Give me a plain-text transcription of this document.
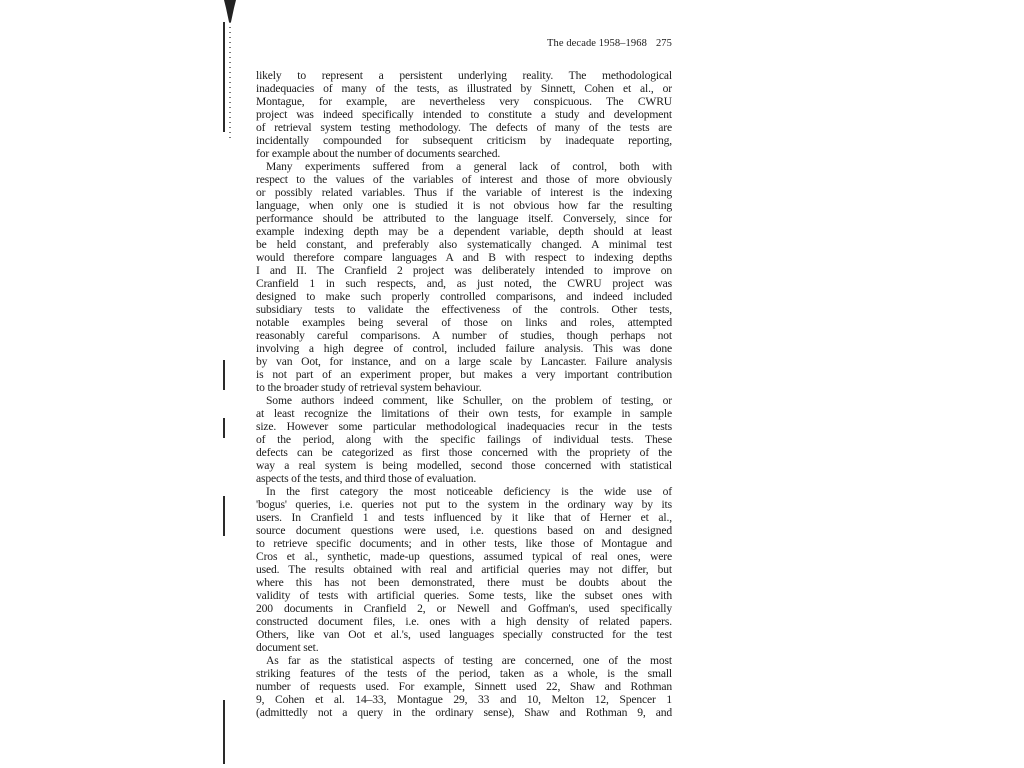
The decade 1958–1968 275
likely to represent a persistent underlying reality. The methodological
inadequacies of many of the tests, as illustrated by Sinnett, Cohen et al., or
Montague, for example, are nevertheless very conspicuous. The CWRU
project was indeed specifically intended to constitute a study and development
of retrieval system testing methodology. The defects of many of the tests are
incidentally compounded for subsequent criticism by inadequate reporting,
for example about the number of documents searched.
Many experiments suffered from a general lack of control, both with
respect to the values of the variables of interest and those of more obviously
or possibly related variables. Thus if the variable of interest is the indexing
language, when only one is studied it is not obvious how far the resulting
performance should be attributed to the language itself. Conversely, since for
example indexing depth may be a dependent variable, depth should at least
be held constant, and preferably also systematically changed. A minimal test
would therefore compare languages A and B with respect to indexing depths
I and II. The Cranfield 2 project was deliberately intended to improve on
Cranfield 1 in such respects, and, as just noted, the CWRU project was
designed to make such properly controlled comparisons, and indeed included
subsidiary tests to validate the effectiveness of the controls. Other tests,
notable examples being several of those on links and roles, attempted
reasonably careful comparisons. A number of studies, though perhaps not
involving a high degree of control, included failure analysis. This was done
by van Oot, for instance, and on a large scale by Lancaster. Failure analysis
is not part of an experiment proper, but makes a very important contribution
to the broader study of retrieval system behaviour.
Some authors indeed comment, like Schuller, on the problem of testing, or
at least recognize the limitations of their own tests, for example in sample
size. However some particular methodological inadequacies recur in the tests
of the period, along with the specific failings of individual tests. These
defects can be categorized as first those concerned with the propriety of the
way a real system is being modelled, second those concerned with statistical
aspects of the tests, and third those of evaluation.
In the first category the most noticeable deficiency is the wide use of
'bogus' queries, i.e. queries not put to the system in the ordinary way by its
users. In Cranfield 1 and tests influenced by it like that of Herner et al.,
source document questions were used, i.e. questions based on and designed
to retrieve specific documents; and in other tests, like those of Montague and
Cros et al., synthetic, made-up questions, assumed typical of real ones, were
used. The results obtained with real and artificial queries may not differ, but
where this has not been demonstrated, there must be doubts about the
validity of tests with artificial queries. Some tests, like the subset ones with
200 documents in Cranfield 2, or Newell and Goffman's, used specifically
constructed document files, i.e. ones with a high density of related papers.
Others, like van Oot et al.'s, used languages specially constructed for the test
document set.
As far as the statistical aspects of testing are concerned, one of the most
striking features of the tests of the period, taken as a whole, is the small
number of requests used. For example, Sinnett used 22, Shaw and Rothman
9, Cohen et al. 14–33, Montague 29, 33 and 10, Melton 12, Spencer 1
(admittedly not a query in the ordinary sense), Shaw and Rothman 9, and
